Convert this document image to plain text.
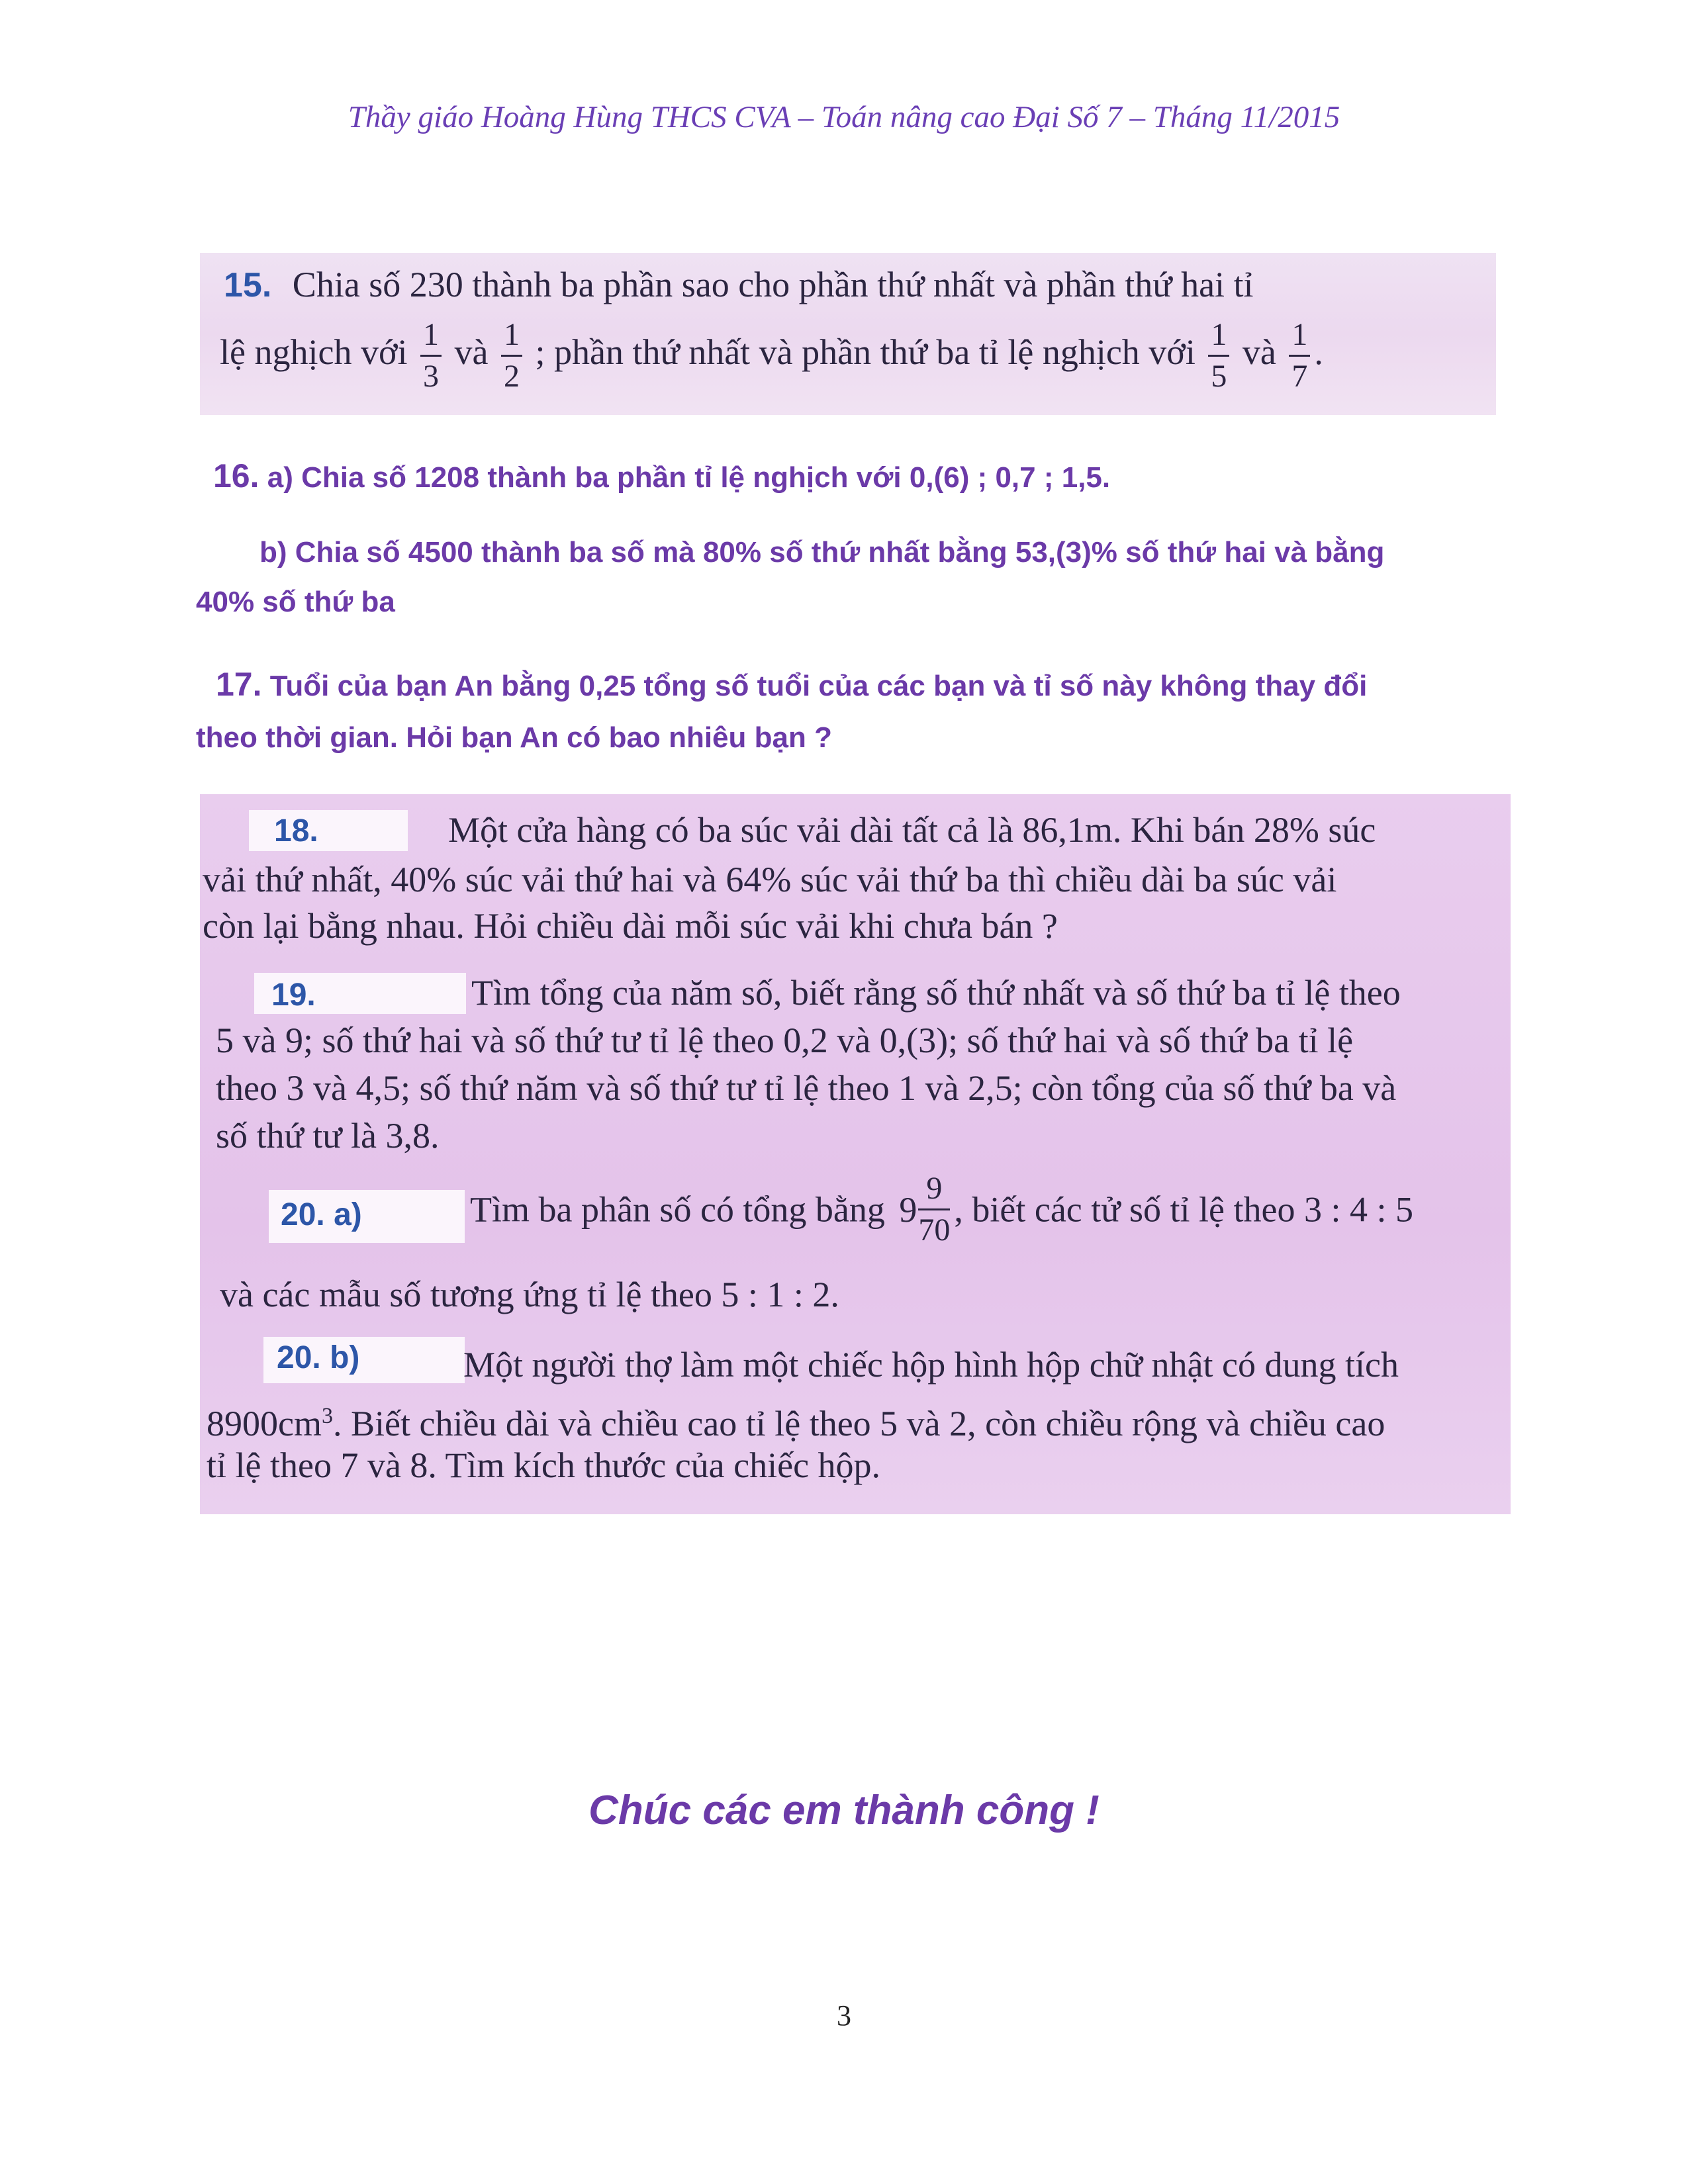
Thầy giáo Hoàng Hùng THCS CVA – Toán nâng cao Đại Số 7 – Tháng 11/2015
15. Chia số 230 thành ba phần sao cho phần thứ nhất và phần thứ hai tỉ
lệ nghịch với $\frac{1}{3}$ và $\frac{1}{2}$ ; phần thứ nhất và phần thứ ba tỉ lệ nghịch với $\frac{1}{5}$ và $\frac{1}{7}$ .
16. a) Chia số 1208 thành ba phần tỉ lệ nghịch với 0,(6) ; 0,7 ; 1,5.
b) Chia số 4500 thành ba số mà 80% số thứ nhất bằng 53,(3)% số thứ hai và bằng
40% số thứ ba
17. Tuổi của bạn An bằng 0,25 tổng số tuổi của các bạn và tỉ số này không thay đổi
theo thời gian. Hỏi bạn An có bao nhiêu bạn ?
18.	Một cửa hàng có ba súc vải dài tất cả là 86,1m. Khi bán 28% súc
vải thứ nhất, 40% súc vải thứ hai và 64% súc vải thứ ba thì chiều dài ba súc vải
còn lại bằng nhau. Hỏi chiều dài mỗi súc vải khi chưa bán ?
19.	Tìm tổng của năm số, biết rằng số thứ nhất và số thứ ba tỉ lệ theo
5 và 9; số thứ hai và số thứ tư tỉ lệ theo 0,2 và 0,(3); số thứ hai và số thứ ba tỉ lệ
theo 3 và 4,5; số thứ năm và số thứ tư tỉ lệ theo 1 và 2,5; còn tổng của số thứ ba và
số thứ tư là 3,8.
20. a)	Tìm ba phân số có tổng bằng $9 \frac{9}{70}$ , biết các tử số tỉ lệ theo 3 : 4 : 5
và các mẫu số tương ứng tỉ lệ theo 5 : 1 : 2.
20. b)	Một người thợ làm một chiếc hộp hình hộp chữ nhật có dung tích
$8900cm^3$. Biết chiều dài và chiều cao tỉ lệ theo 5 và 2, còn chiều rộng và chiều cao
tỉ lệ theo 7 và 8. Tìm kích thước của chiếc hộp.
Chúc các em thành công !
3
